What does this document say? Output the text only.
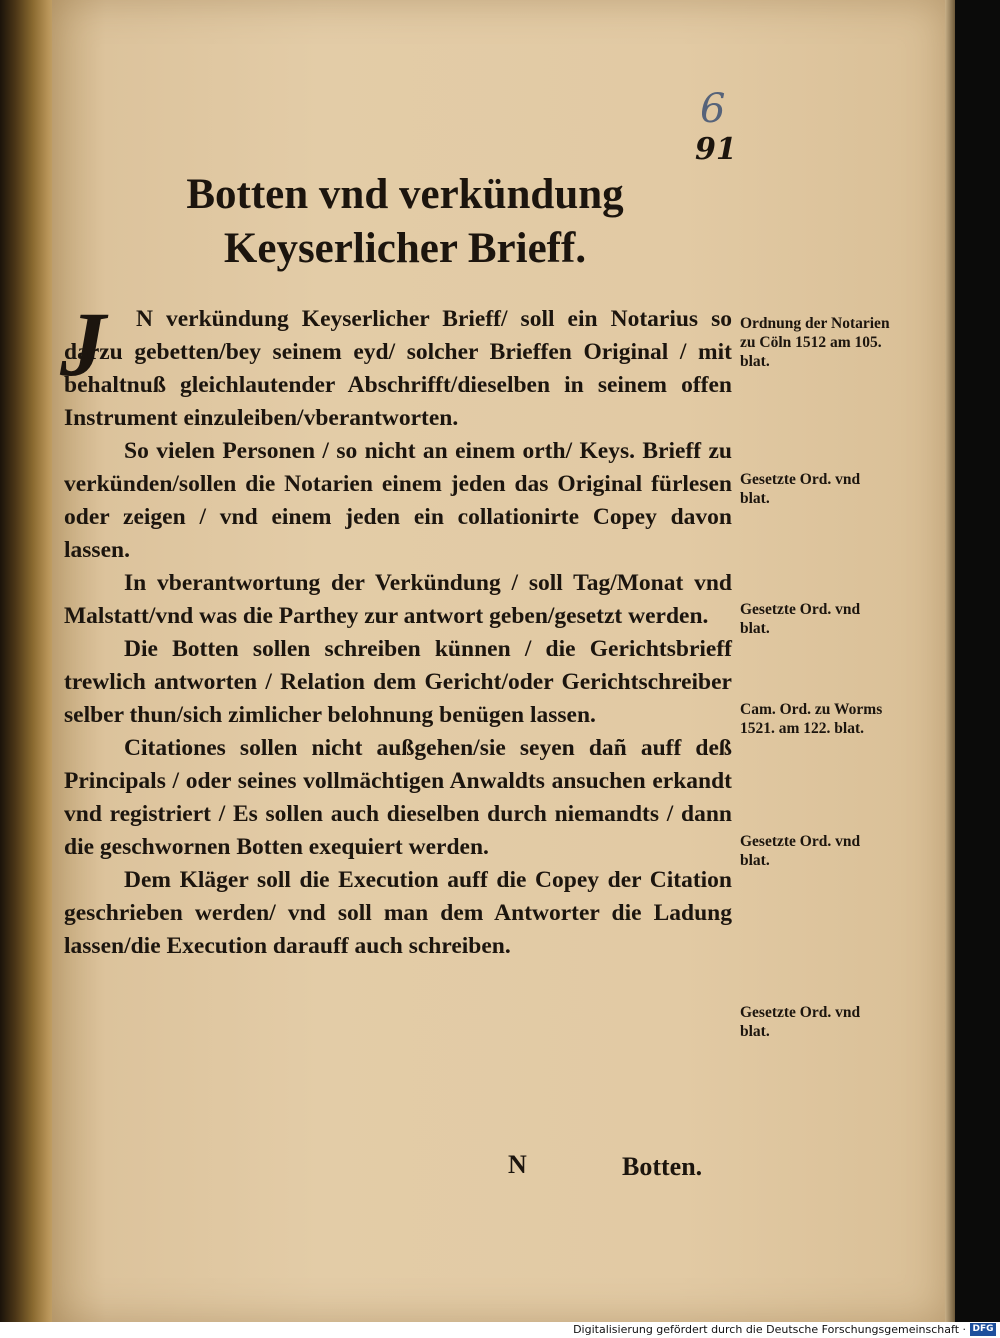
6
91
Botten vnd verkündung Keyserlicher Brieff.
J	N verkündung Keyserlicher Brieff/ soll ein Notarius so darzu gebetten/bey seinem eyd/ solcher Brieffen Original / mit behaltnuß gleichlautender Abschrifft/dieselben in seinem offen Instrument einzuleiben/vberantworten.

So vielen Personen / so nicht an einem orth/ Keys. Brieff zu verkünden/sollen die Notarien einem jeden das Original fürlesen oder zeigen / vnd einem jeden ein collationirte Copey davon lassen.

In vberantwortung der Verkündung / soll Tag/Monat vnd Malstatt/vnd was die Parthey zur antwort geben/gesetzt werden.

Die Botten sollen schreiben künnen / die Gerichtsbrieff trewlich antworten / Relation dem Gericht/oder Gerichtschreiber selber thun/sich zimlicher belohnung benügen lassen.

Citationes sollen nicht außgehen/sie seyen dañ auff deß Principals / oder seines vollmächtigen Anwaldts ansuchen erkandt vnd registriert / Es sollen auch dieselben durch niemandts / dann die geschwornen Botten exequiert werden.

Dem Kläger soll die Execution auff die Copey der Citation geschrieben werden/ vnd soll man dem Antworter die Ladung lassen/die Execution darauff auch schreiben.

Ordnung der Notarien zu Cöln 1512 am 105. blat.
Gesetzte Ord. vnd blat.
Gesetzte Ord. vnd blat.
Cam. Ord. zu Worms 1521. am 122. blat.
Gesetzte Ord. vnd blat.
Gesetzte Ord. vnd blat.
N	Botten.
Digitalisierung gefördert durch die Deutsche Forschungsgemeinschaft · DFG
